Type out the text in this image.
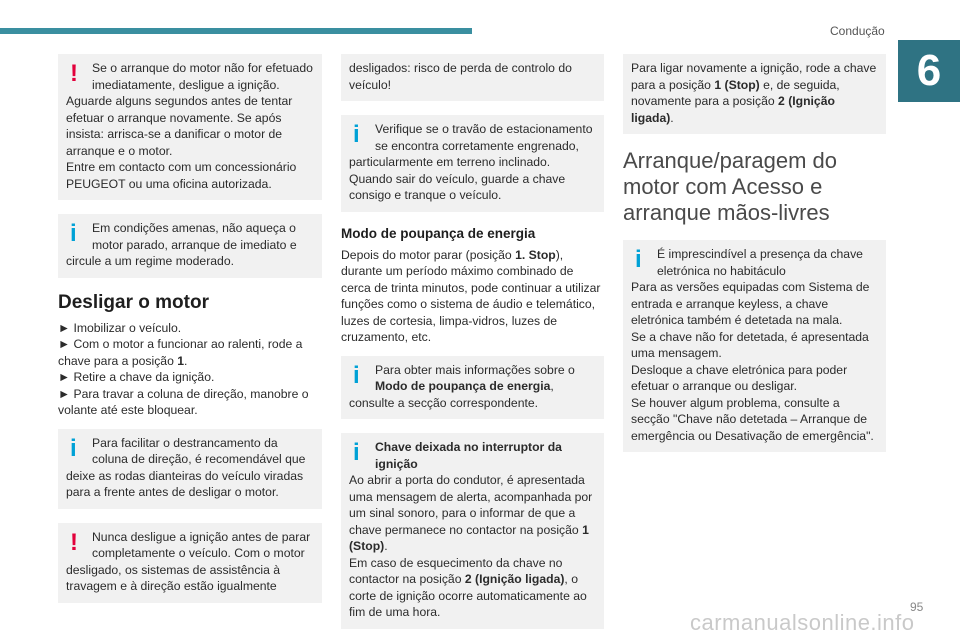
Condução
6
!	Se o arranque do motor não for efetuado imediatamente, desligue a ignição.

Aguarde alguns segundos antes de tentar efetuar o arranque novamente. Se após insista: arrisca-se a danificar o motor de arranque e o motor.

Entre em contacto com um concessionário PEUGEOT ou uma oficina autorizada.

i	Em condições amenas, não aqueça o motor parado, arranque de imediato e

circule a um regime moderado.

Desligar o motor

► Imobilizar o veículo.

► Com o motor a funcionar ao ralenti, rode a chave para a posição 1.

► Retire a chave da ignição.

► Para travar a coluna de direção, manobre o volante até este bloquear.

i	Para facilitar o destrancamento da coluna de direção, é recomendável que

deixe as rodas dianteiras do veículo viradas para a frente antes de desligar o motor.

!	Nunca desligue a ignição antes de parar completamente o veículo. Com o motor

desligado, os sistemas de assistência à travagem e à direção estão igualmente

desligados: risco de perda de controlo do veículo!

i	Verifique se o travão de estacionamento se encontra corretamente engrenado,

particularmente em terreno inclinado.

Quando sair do veículo, guarde a chave consigo e tranque o veículo.

Modo de poupança de energia

Depois do motor parar (posição 1. Stop), durante um período máximo combinado de cerca de trinta minutos, pode continuar a utilizar funções como o sistema de áudio e telemático, luzes de cortesia, limpa-vidros, luzes de cruzamento, etc.

i	Para obter mais informações sobre o Modo de poupança de energia,

consulte a secção correspondente.

i	Chave deixada no interruptor da ignição

Ao abrir a porta do condutor, é apresentada uma mensagem de alerta, acompanhada por um sinal sonoro, para o informar de que a chave permanece no contactor na posição 1 (Stop).

Em caso de esquecimento da chave no contactor na posição 2 (Ignição ligada), o corte de ignição ocorre automaticamente ao fim de uma hora.

Para ligar novamente a ignição, rode a chave para a posição 1 (Stop) e, de seguida, novamente para a posição 2 (Ignição ligada).

Arranque/paragem do
motor com Acesso e
arranque mãos-livres
i	É imprescindível a presença da chave eletrónica no habitáculo

Para as versões equipadas com Sistema de entrada e arranque keyless, a chave eletrónica também é detetada na mala.

Se a chave não for detetada, é apresentada uma mensagem.

Desloque a chave eletrónica para poder efetuar o arranque ou desligar.

Se houver algum problema, consulte a secção "Chave não detetada – Arranque de emergência ou Desativação de emergência".

carmanualsonline.info
95
